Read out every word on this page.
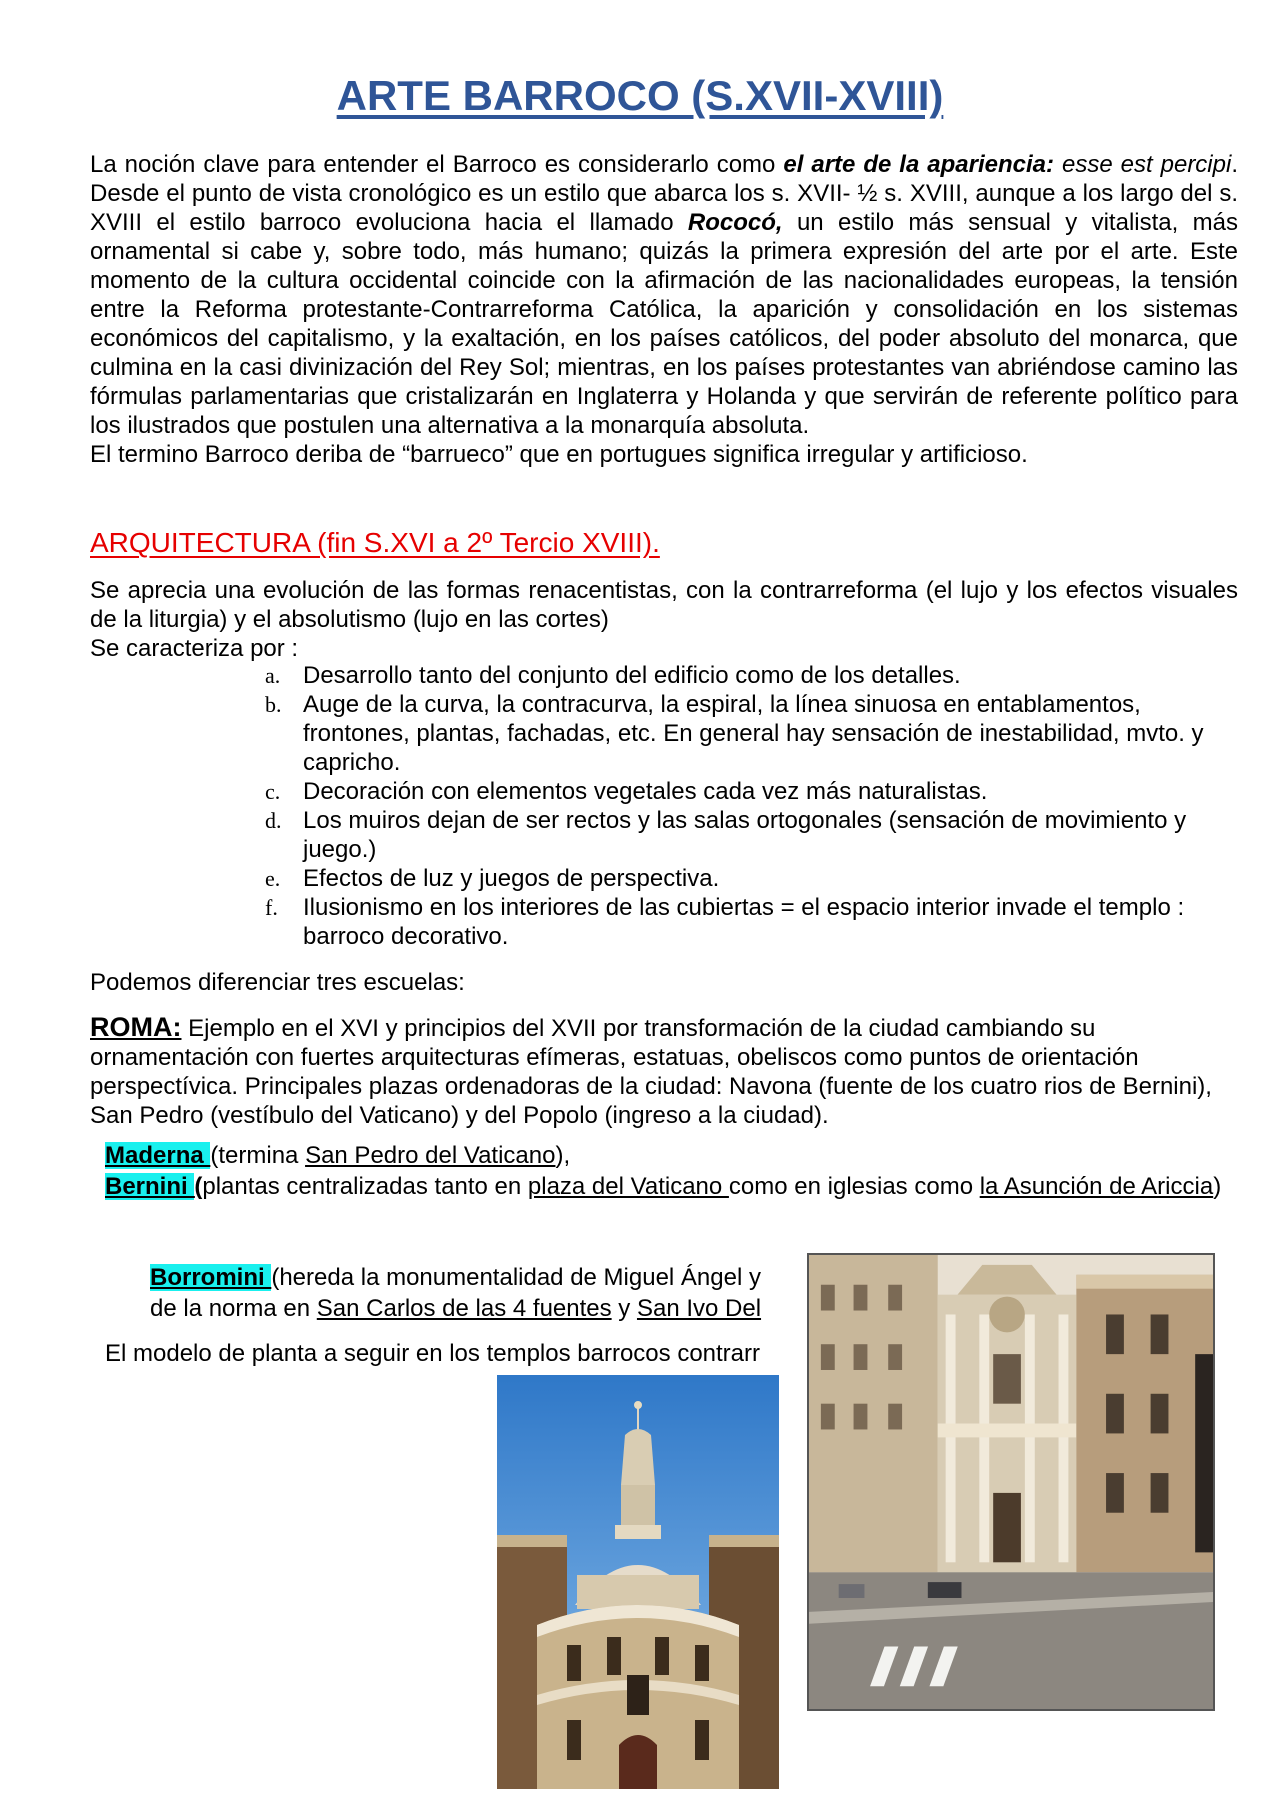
ARTE BARROCO (S.XVII-XVIII)

La noción clave para entender el Barroco es considerarlo como el arte de la apariencia: esse est percipi. Desde el punto de vista cronológico es un estilo que abarca los s. XVII- ½ s. XVIII, aunque a los largo del s. XVIII el estilo barroco evoluciona hacia el llamado Rococó, un estilo más sensual y vitalista, más ornamental si cabe y, sobre todo, más humano; quizás la primera expresión del arte por el arte. Este momento de la cultura occidental coincide con la afirmación de las nacionalidades europeas, la tensión entre la Reforma protestante-Contrarreforma Católica, la aparición y consolidación en los sistemas económicos del capitalismo, y la exaltación, en los países católicos, del poder absoluto del monarca, que culmina en la casi divinización del Rey Sol; mientras, en los países protestantes van abriéndose camino las fórmulas parlamentarias que cristalizarán en Inglaterra y Holanda y que servirán de referente político para los ilustrados que postulen una alternativa a la monarquía absoluta.

El termino Barroco deriba de “barrueco” que en portugues significa irregular y artificioso.

ARQUITECTURA (fin S.XVI a 2º Tercio XVIII).

Se aprecia una evolución de las formas renacentistas, con la contrarreforma (el lujo y los efectos visuales de la liturgia) y el absolutismo (lujo en las cortes)

Se caracteriza por :

a. Desarrollo tanto del conjunto del edificio como de los detalles.
b. Auge de la curva, la contracurva, la espiral, la línea sinuosa en entablamentos, frontones, plantas, fachadas, etc. En general hay sensación de inestabilidad, mvto. y capricho.
c. Decoración con elementos vegetales cada vez más naturalistas.
d. Los muiros dejan de ser rectos y las salas ortogonales (sensación de movimiento y juego.)
e. Efectos de luz y juegos de perspectiva.
f. Ilusionismo en los interiores de las cubiertas = el espacio interior invade el templo : barroco decorativo.
Podemos diferenciar tres escuelas:
ROMA: Ejemplo en el XVI y principios del XVII por transformación de la ciudad cambiando su ornamentación con fuertes arquitecturas efímeras, estatuas, obeliscos como puntos de orientación perspectívica. Principales plazas ordenadoras de la ciudad: Navona (fuente de los cuatro rios de Bernini), San Pedro (vestíbulo del Vaticano) y del Popolo (ingreso a la ciudad).
Maderna (termina San Pedro del Vaticano),
Bernini (plantas centralizadas tanto en plaza del Vaticano como en iglesias como la Asunción de Ariccia)
Borromini (hereda la monumentalidad de Miguel Ángel y
de la norma en San Carlos de las 4 fuentes y San Ivo Del
El modelo de planta a seguir en los templos barrocos contrarr
